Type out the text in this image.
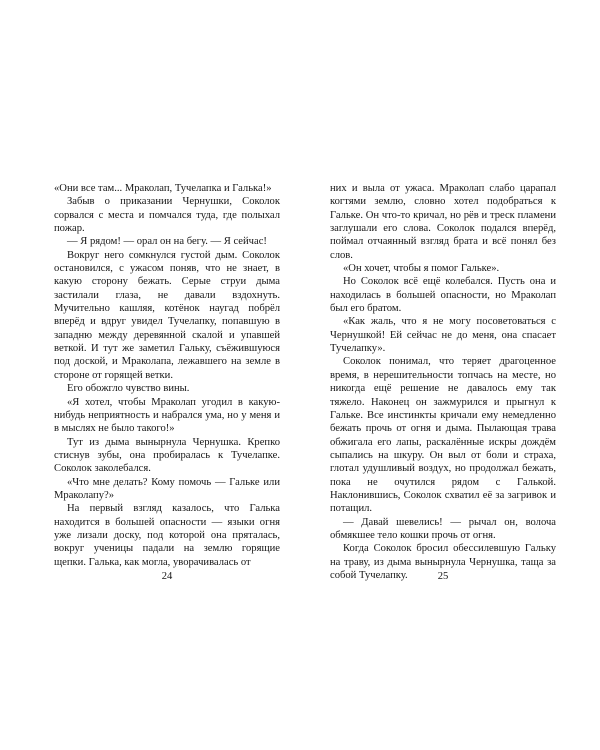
«Они все там... Мраколап, Тучелапка и Галька!»

Забыв о приказании Чернушки, Соколок сорвался с места и помчался туда, где полыхал пожар.

— Я рядом! — орал он на бегу. — Я сейчас!

Вокруг него сомкнулся густой дым. Соколок остановился, с ужасом поняв, что не знает, в какую сторону бежать. Серые струи дыма застилали глаза, не давали вздохнуть. Мучительно кашляя, котёнок наугад побрёл вперёд и вдруг увидел Тучелапку, попавшую в западню между деревянной скалой и упавшей веткой. И тут же заметил Гальку, съёжившуюся под доской, и Мраколапа, лежавшего на земле в стороне от горящей ветки.

Его обожгло чувство вины.

«Я хотел, чтобы Мраколап угодил в какую-нибудь неприятность и набрался ума, но у меня и в мыслях не было такого!»

Тут из дыма вынырнула Чернушка. Крепко стиснув зубы, она пробиралась к Тучелапке. Соколок заколебался.

«Что мне делать? Кому помочь — Гальке или Мраколапу?»

На первый взгляд казалось, что Галька находится в большей опасности — языки огня уже лизали доску, под которой она пряталась, вокруг ученицы падали на землю горящие щепки. Галька, как могла, уворачивалась от

24

них и выла от ужаса. Мраколап слабо царапал когтями землю, словно хотел подобраться к Гальке. Он что-то кричал, но рёв и треск пламени заглушали его слова. Соколок подался вперёд, поймал отчаянный взгляд брата и всё понял без слов.

«Он хочет, чтобы я помог Гальке».

Но Соколок всё ещё колебался. Пусть она и находилась в большей опасности, но Мраколап был его братом.

«Как жаль, что я не могу посоветоваться с Чернушкой! Ей сейчас не до меня, она спасает Тучелапку».

Соколок понимал, что теряет драгоценное время, в нерешительности топчась на месте, но никогда ещё решение не давалось ему так тяжело. Наконец он зажмурился и прыгнул к Гальке. Все инстинкты кричали ему немедленно бежать прочь от огня и дыма. Пылающая трава обжигала его лапы, раскалённые искры дождём сыпались на шкуру. Он выл от боли и страха, глотал удушливый воздух, но продолжал бежать, пока не очутился рядом с Галькой. Наклонившись, Соколок схватил её за загривок и потащил.

— Давай шевелись! — рычал он, волоча обмякшее тело кошки прочь от огня.

Когда Соколок бросил обессилевшую Гальку на траву, из дыма вынырнула Чернушка, таща за собой Тучелапку.	25
